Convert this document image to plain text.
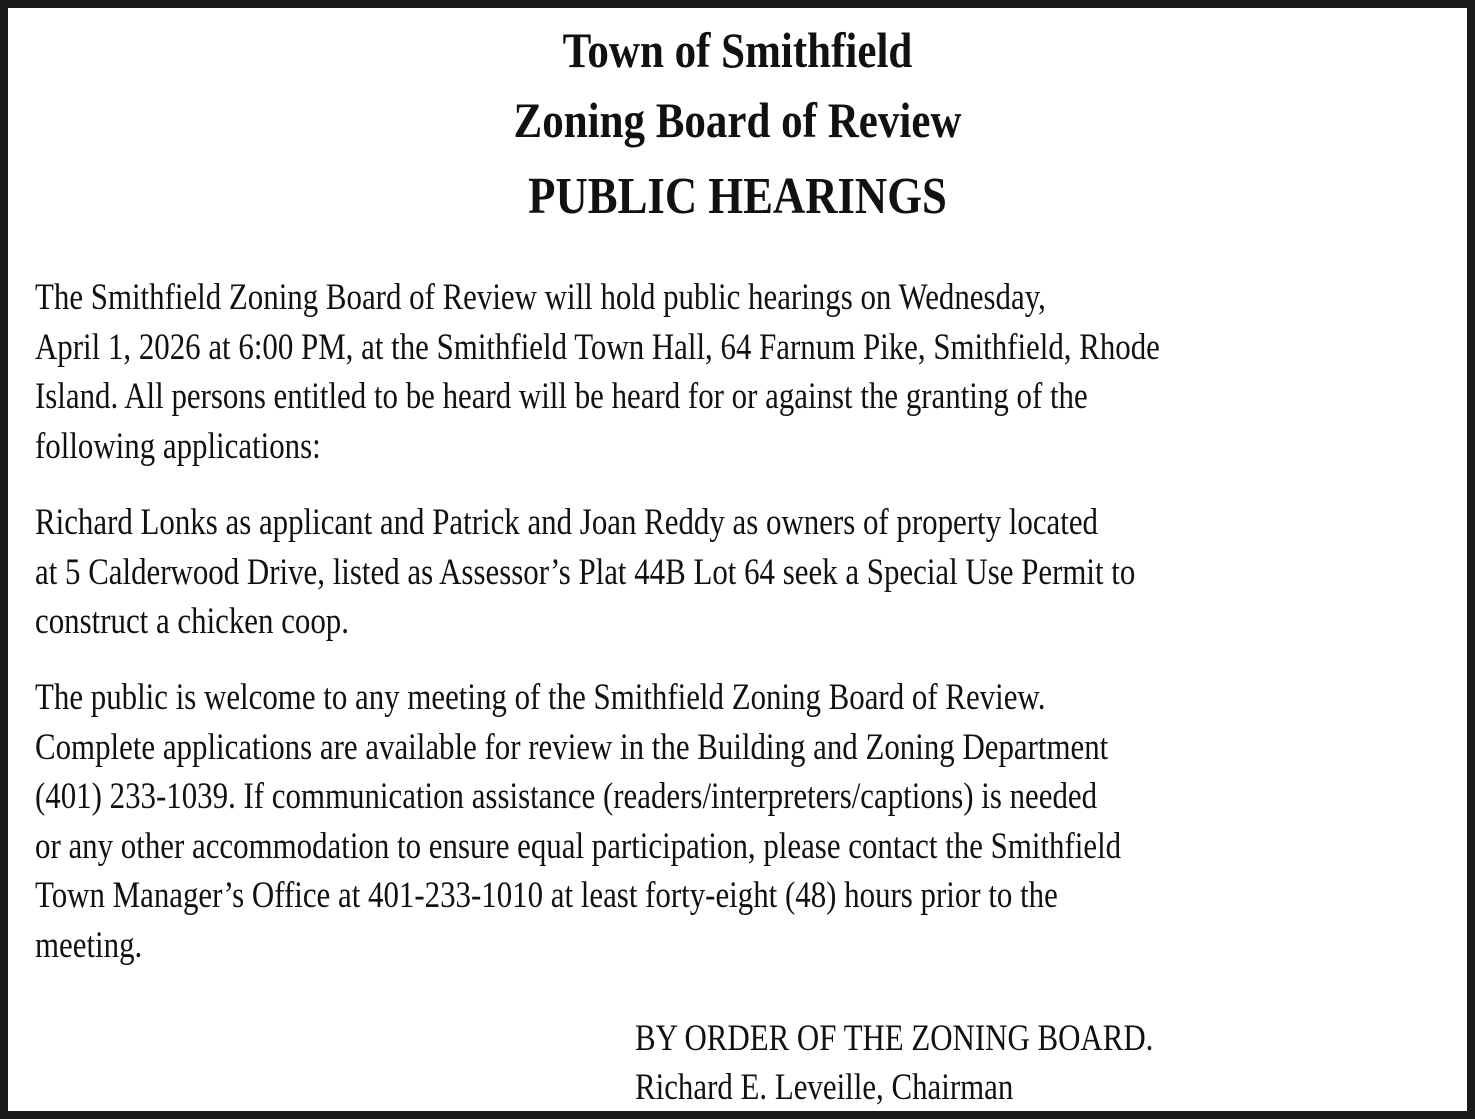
Town of Smithfield
Zoning Board of Review
PUBLIC HEARINGS
The Smithfield Zoning Board of Review will hold public hearings on Wednesday,
April 1, 2026 at 6:00 PM, at the Smithfield Town Hall, 64 Farnum Pike, Smithfield, Rhode
Island. All persons entitled to be heard will be heard for or against the granting of the
following applications:
Richard Lonks as applicant and Patrick and Joan Reddy as owners of property located
at 5 Calderwood Drive, listed as Assessor’s Plat 44B Lot 64 seek a Special Use Permit to
construct a chicken coop.
The public is welcome to any meeting of the Smithfield Zoning Board of Review.
Complete applications are available for review in the Building and Zoning Department
(401) 233-1039. If communication assistance (readers/interpreters/captions) is needed
or any other accommodation to ensure equal participation, please contact the Smithfield
Town Manager’s Office at 401-233-1010 at least forty-eight (48) hours prior to the
meeting.
BY ORDER OF THE ZONING BOARD.
Richard E. Leveille, Chairman
